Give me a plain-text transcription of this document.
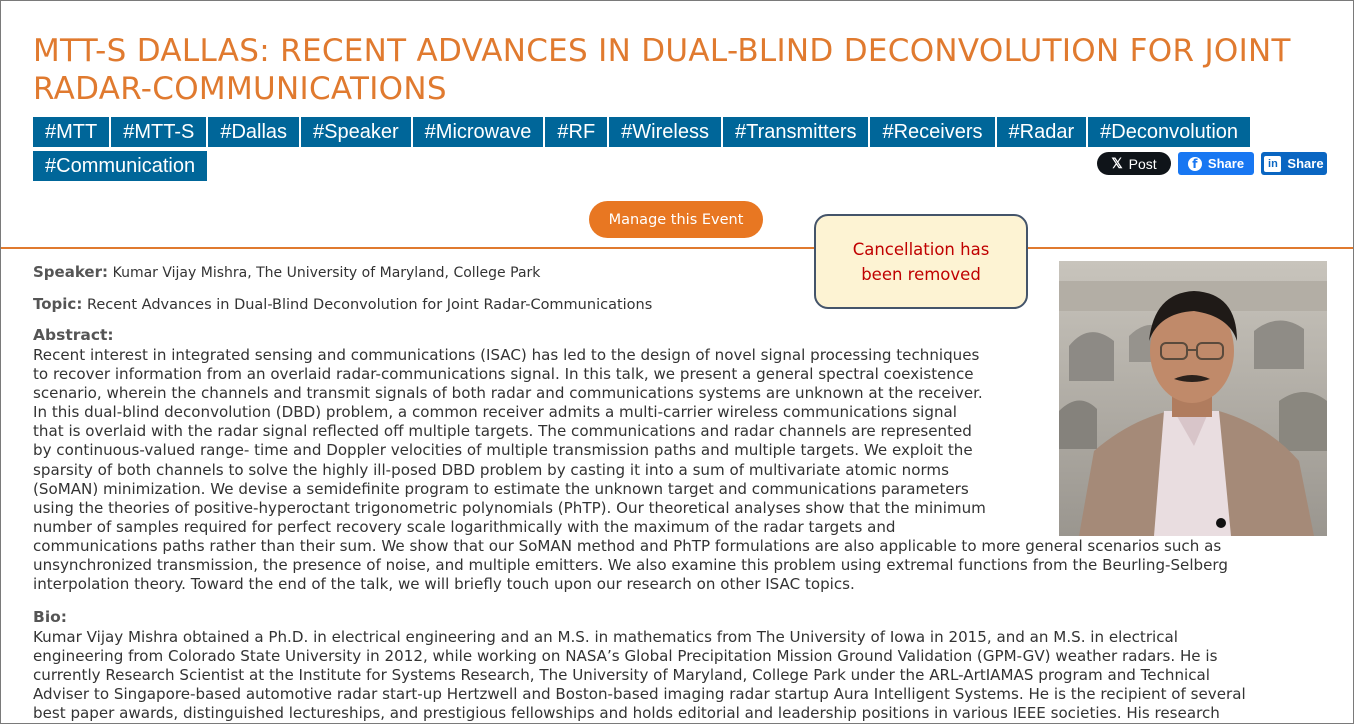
MTT-S DALLAS: RECENT ADVANCES IN DUAL-BLIND DECONVOLUTION FOR JOINT RADAR-COMMUNICATIONS
#MTT #MTT-S #Dallas #Speaker #Microwave #RF #Wireless #Transmitters #Receivers #Radar #Deconvolution#Communication	𝕏 Post	f Share	in Share
Manage this Event
Cancellation has
been removed
Speaker: Kumar Vijay Mishra, The University of Maryland, College Park
Topic: Recent Advances in Dual-Blind Deconvolution for Joint Radar-Communications
Abstract:

Recent interest in integrated sensing and communications (ISAC) has led to the design of novel signal processing techniques
to recover information from an overlaid radar-communications signal. In this talk, we present a general spectral coexistence
scenario, wherein the channels and transmit signals of both radar and communications systems are unknown at the receiver.
In this dual-blind deconvolution (DBD) problem, a common receiver admits a multi-carrier wireless communications signal
that is overlaid with the radar signal reflected off multiple targets. The communications and radar channels are represented
by continuous-valued range- time and Doppler velocities of multiple transmission paths and multiple targets. We exploit the
sparsity of both channels to solve the highly ill-posed DBD problem by casting it into a sum of multivariate atomic norms
(SoMAN) minimization. We devise a semidefinite program to estimate the unknown target and communications parameters
using the theories of positive-hyperoctant trigonometric polynomials (PhTP). Our theoretical analyses show that the minimum
number of samples required for perfect recovery scale logarithmically with the maximum of the radar targets and
communications paths rather than their sum. We show that our SoMAN method and PhTP formulations are also applicable to more general scenarios such as
unsynchronized transmission, the presence of noise, and multiple emitters. We also examine this problem using extremal functions from the Beurling-Selberg
interpolation theory. Toward the end of the talk, we will briefly touch upon our research on other ISAC topics.

Bio:

Kumar Vijay Mishra obtained a Ph.D. in electrical engineering and an M.S. in mathematics from The University of Iowa in 2015, and an M.S. in electrical
engineering from Colorado State University in 2012, while working on NASA’s Global Precipitation Mission Ground Validation (GPM-GV) weather radars. He is
currently Research Scientist at the Institute for Systems Research, The University of Maryland, College Park under the ARL-ArtIAMAS program and Technical
Adviser to Singapore-based automotive radar start-up Hertzwell and Boston-based imaging radar startup Aura Intelligent Systems. He is the recipient of several
best paper awards, distinguished lectureships, and prestigious fellowships and holds editorial and leadership positions in various IEEE societies. His research
